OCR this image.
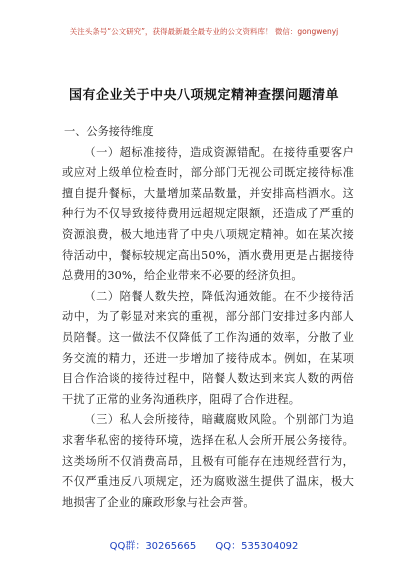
关注头条号“公文研究”，获得最新最全最专业的公文资料库！ 微信：gongwenyj
国有企业关于中央八项规定精神查摆问题清单

一、公务接待维度

（一）超标准接待，造成资源错配。在接待重要客户或应对上级单位检查时，部分部门无视公司既定接待标准擅自提升餐标，大量增加菜品数量，并安排高档酒水。这种行为不仅导致接待费用远超规定限额，还造成了严重的资源浪费，极大地违背了中央八项规定精神。如在某次接待活动中，餐标较规定高出50%，酒水费用更是占据接待总费用的30%，给企业带来不必要的经济负担。

（二）陪餐人数失控，降低沟通效能。在不少接待活动中，为了彰显对来宾的重视，部分部门安排过多内部人员陪餐。这一做法不仅降低了工作沟通的效率，分散了业务交流的精力，还进一步增加了接待成本。例如，在某项目合作洽谈的接待过程中，陪餐人数达到来宾人数的两倍干扰了正常的业务沟通秩序，阻碍了合作进程。

（三）私人会所接待，暗藏腐败风险。个别部门为追求奢华私密的接待环境，选择在私人会所开展公务接待。这类场所不仅消费高昂，且极有可能存在违规经营行为，不仅严重违反八项规定，还为腐败滋生提供了温床，极大地损害了企业的廉政形象与社会声誉。

QQ群：30265665 QQ：535304092
